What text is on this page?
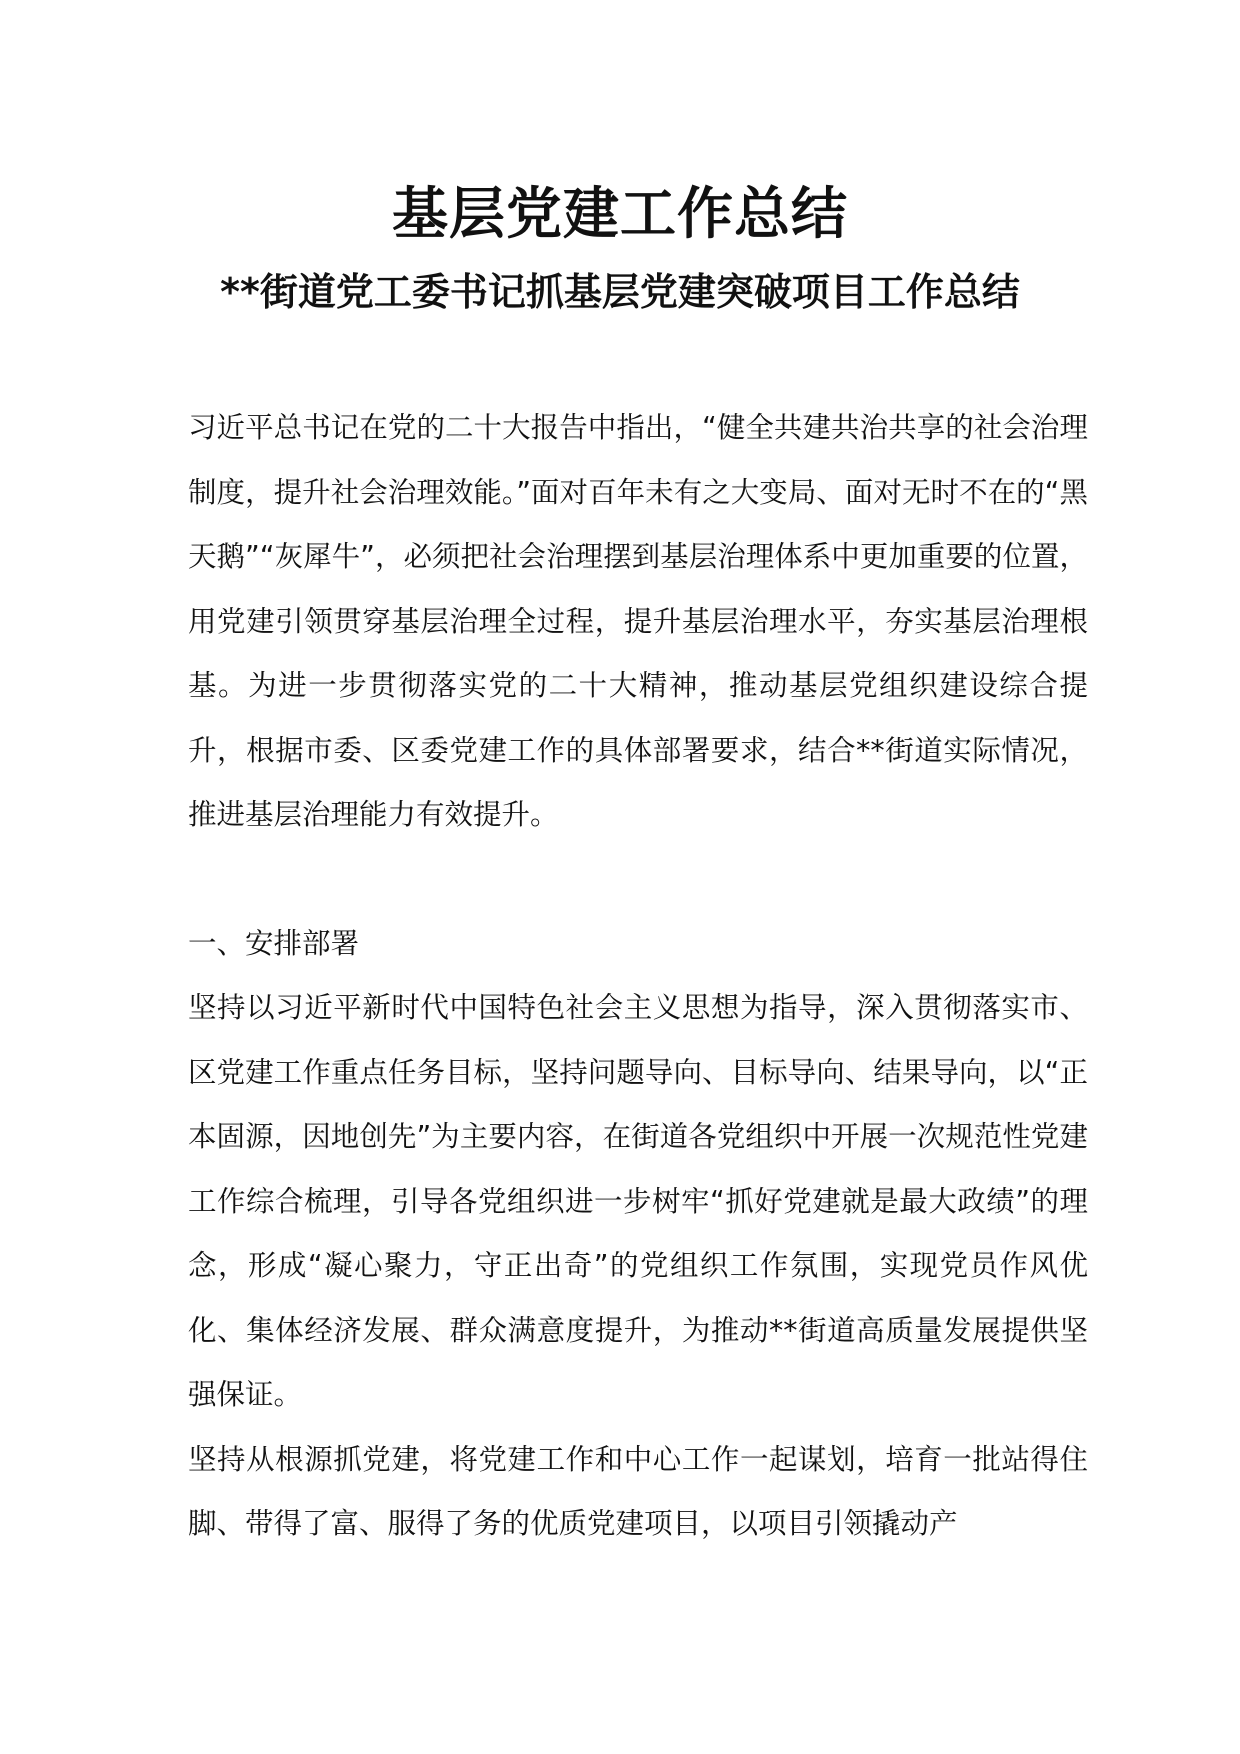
基层党建工作总结
**街道党工委书记抓基层党建突破项目工作总结

习近平总书记在党的二十大报告中指出，“健全共建共治共享的社会治理制度，提升社会治理效能。”面对百年未有之大变局、面对无时不在的“黑天鹅”“灰犀牛”，必须把社会治理摆到基层治理体系中更加重要的位置，用党建引领贯穿基层治理全过程，提升基层治理水平，夯实基层治理根基。为进一步贯彻落实党的二十大精神，推动基层党组织建设综合提升，根据市委、区委党建工作的具体部署要求，结合**街道实际情况，推进基层治理能力有效提升。

一、安排部署

坚持以习近平新时代中国特色社会主义思想为指导，深入贯彻落实市、区党建工作重点任务目标，坚持问题导向、目标导向、结果导向，以“正本固源，因地创先”为主要内容，在街道各党组织中开展一次规范性党建工作综合梳理，引导各党组织进一步树牢“抓好党建就是最大政绩”的理念，形成“凝心聚力，守正出奇”的党组织工作氛围，实现党员作风优化、集体经济发展、群众满意度提升，为推动**街道高质量发展提供坚强保证。

坚持从根源抓党建，将党建工作和中心工作一起谋划，培育一批站得住脚、带得了富、服得了务的优质党建项目，以项目引领撬动产
